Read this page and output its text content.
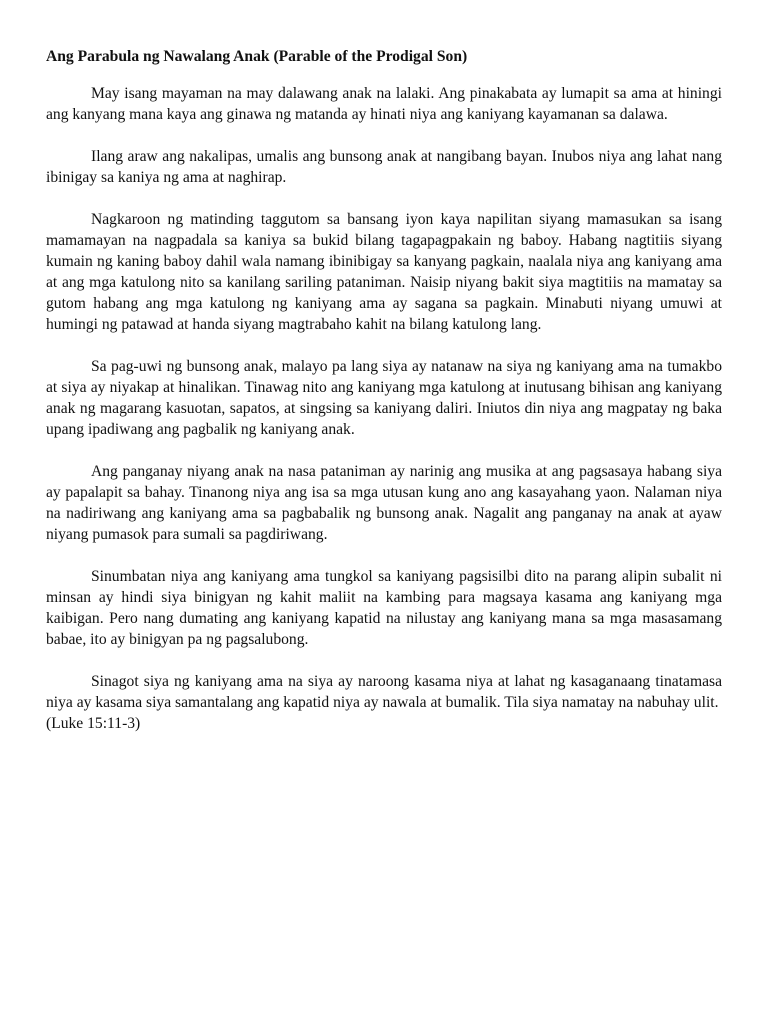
Ang Parabula ng Nawalang Anak (Parable of the Prodigal Son)

May isang mayaman na may dalawang anak na lalaki. Ang pinakabata ay lumapit sa ama at hiningi ang kanyang mana kaya ang ginawa ng matanda ay hinati niya ang kaniyang kayamanan sa dalawa.

Ilang araw ang nakalipas, umalis ang bunsong anak at nangibang bayan. Inubos niya ang lahat nang ibinigay sa kaniya ng ama at naghirap.

Nagkaroon ng matinding taggutom sa bansang iyon kaya napilitan siyang mamasukan sa isang mamamayan na nagpadala sa kaniya sa bukid bilang tagapagpakain ng baboy. Habang nagtitiis siyang kumain ng kaning baboy dahil wala namang ibinibigay sa kanyang pagkain, naalala niya ang kaniyang ama at ang mga katulong nito sa kanilang sariling pataniman. Naisip niyang bakit siya magtitiis na mamatay sa gutom habang ang mga katulong ng kaniyang ama ay sagana sa pagkain. Minabuti niyang umuwi at humingi ng patawad at handa siyang magtrabaho kahit na bilang katulong lang.

Sa pag-uwi ng bunsong anak, malayo pa lang siya ay natanaw na siya ng kaniyang ama na tumakbo at siya ay niyakap at hinalikan. Tinawag nito ang kaniyang mga katulong at inutusang bihisan ang kaniyang anak ng magarang kasuotan, sapatos, at singsing sa kaniyang daliri. Iniutos din niya ang magpatay ng baka upang ipadiwang ang pagbalik ng kaniyang anak.

Ang panganay niyang anak na nasa pataniman ay narinig ang musika at ang pagsasaya habang siya ay papalapit sa bahay. Tinanong niya ang isa sa mga utusan kung ano ang kasayahang yaon. Nalaman niya na nadiriwang ang kaniyang ama sa pagbabalik ng bunsong anak. Nagalit ang panganay na anak at ayaw niyang pumasok para sumali sa pagdiriwang.

Sinumbatan niya ang kaniyang ama tungkol sa kaniyang pagsisilbi dito na parang alipin subalit ni minsan ay hindi siya binigyan ng kahit maliit na kambing para magsaya kasama ang kaniyang mga kaibigan. Pero nang dumating ang kaniyang kapatid na nilustay ang kaniyang mana sa mga masasamang babae, ito ay binigyan pa ng pagsalubong.

Sinagot siya ng kaniyang ama na siya ay naroong kasama niya at lahat ng kasaganaang tinatamasa niya ay kasama siya samantalang ang kapatid niya ay nawala at bumalik. Tila siya namatay na nabuhay ulit.

(Luke 15:11-3)
